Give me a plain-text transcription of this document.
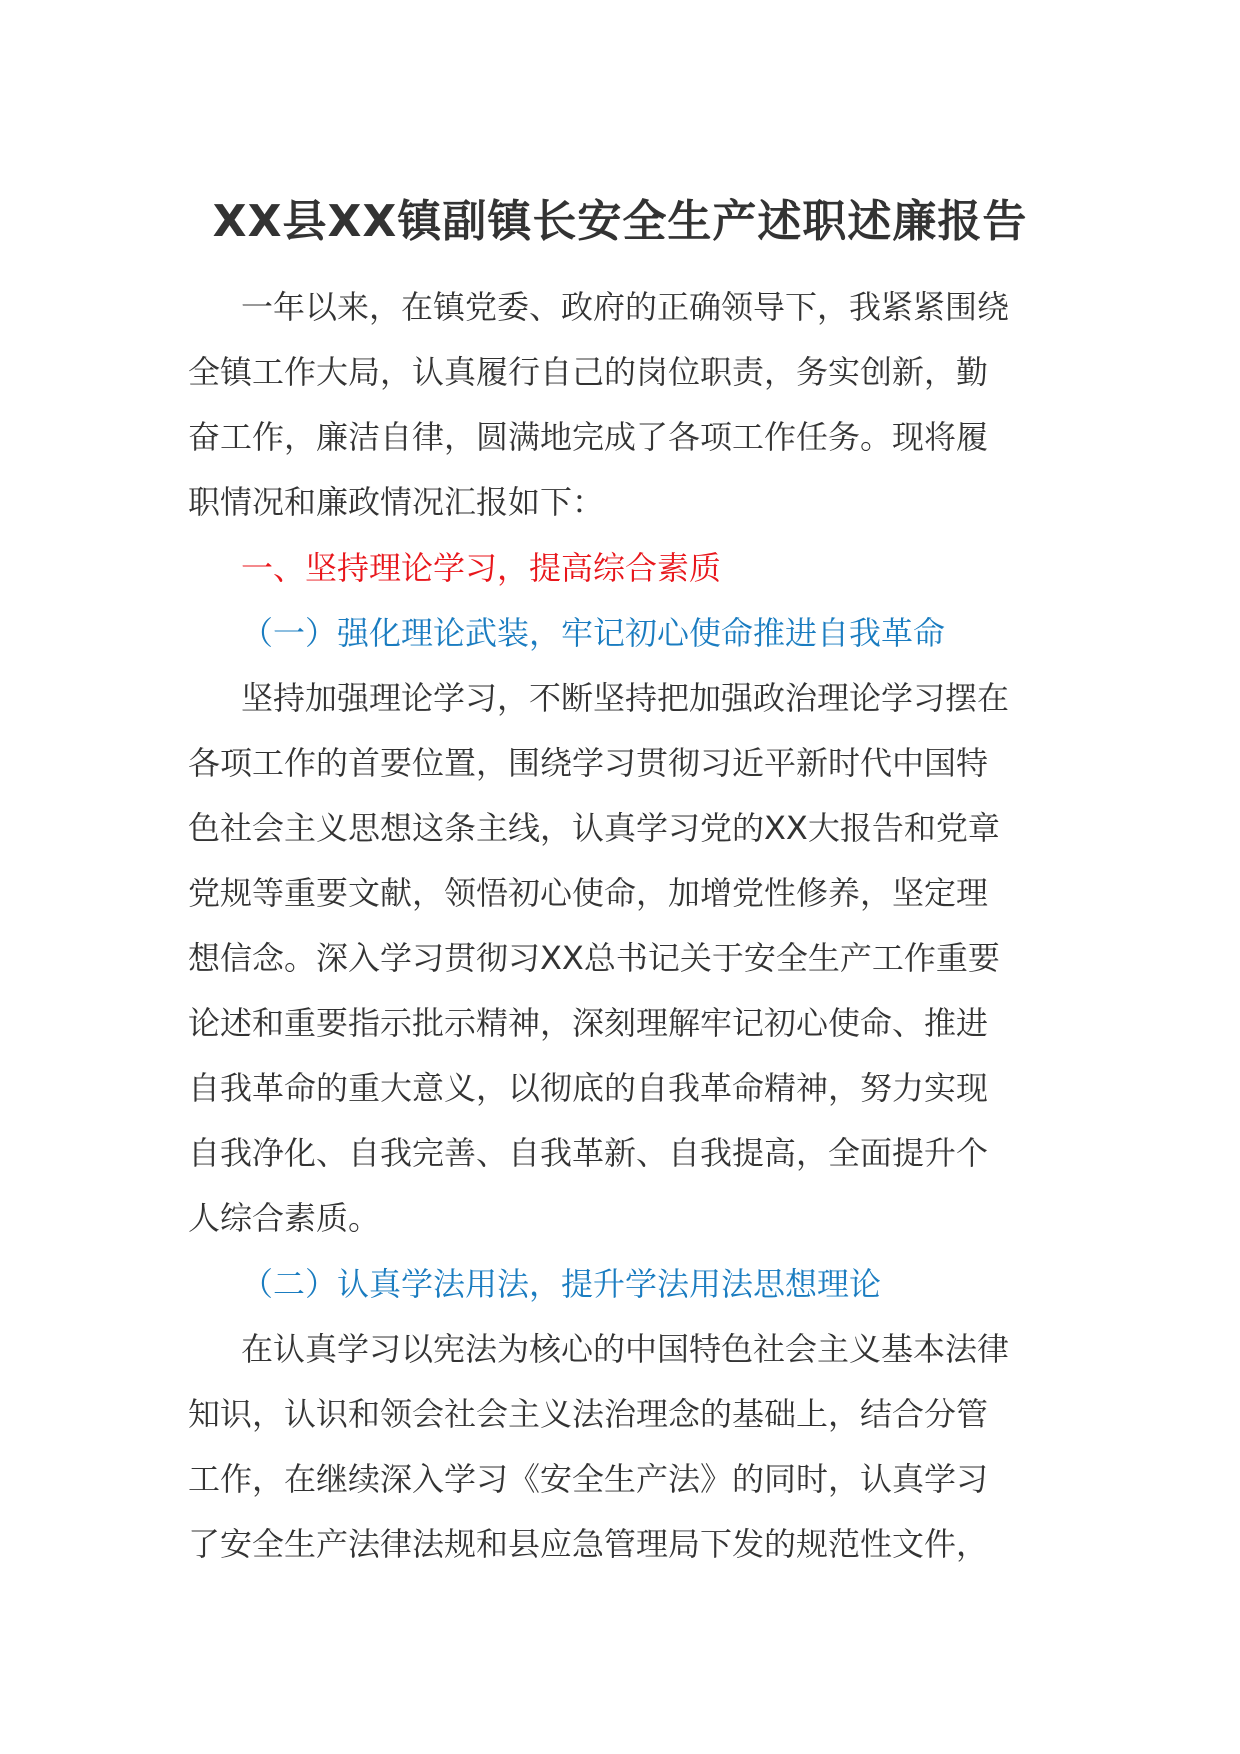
XX县XX镇副镇长安全生产述职述廉报告
一年以来，在镇党委、政府的正确领导下，我紧紧围绕
全镇工作大局，认真履行自己的岗位职责，务实创新，勤
奋工作，廉洁自律，圆满地完成了各项工作任务。现将履
职情况和廉政情况汇报如下：
一、坚持理论学习，提高综合素质
（一）强化理论武装，牢记初心使命推进自我革命
坚持加强理论学习，不断坚持把加强政治理论学习摆在
各项工作的首要位置，围绕学习贯彻习近平新时代中国特
色社会主义思想这条主线，认真学习党的XX大报告和党章
党规等重要文献，领悟初心使命，加增党性修养，坚定理
想信念。深入学习贯彻习XX总书记关于安全生产工作重要
论述和重要指示批示精神，深刻理解牢记初心使命、推进
自我革命的重大意义，以彻底的自我革命精神，努力实现
自我净化、自我完善、自我革新、自我提高，全面提升个
人综合素质。
（二）认真学法用法，提升学法用法思想理论
在认真学习以宪法为核心的中国特色社会主义基本法律
知识，认识和领会社会主义法治理念的基础上，结合分管
工作，在继续深入学习《安全生产法》的同时，认真学习
了安全生产法律法规和县应急管理局下发的规范性文件，
